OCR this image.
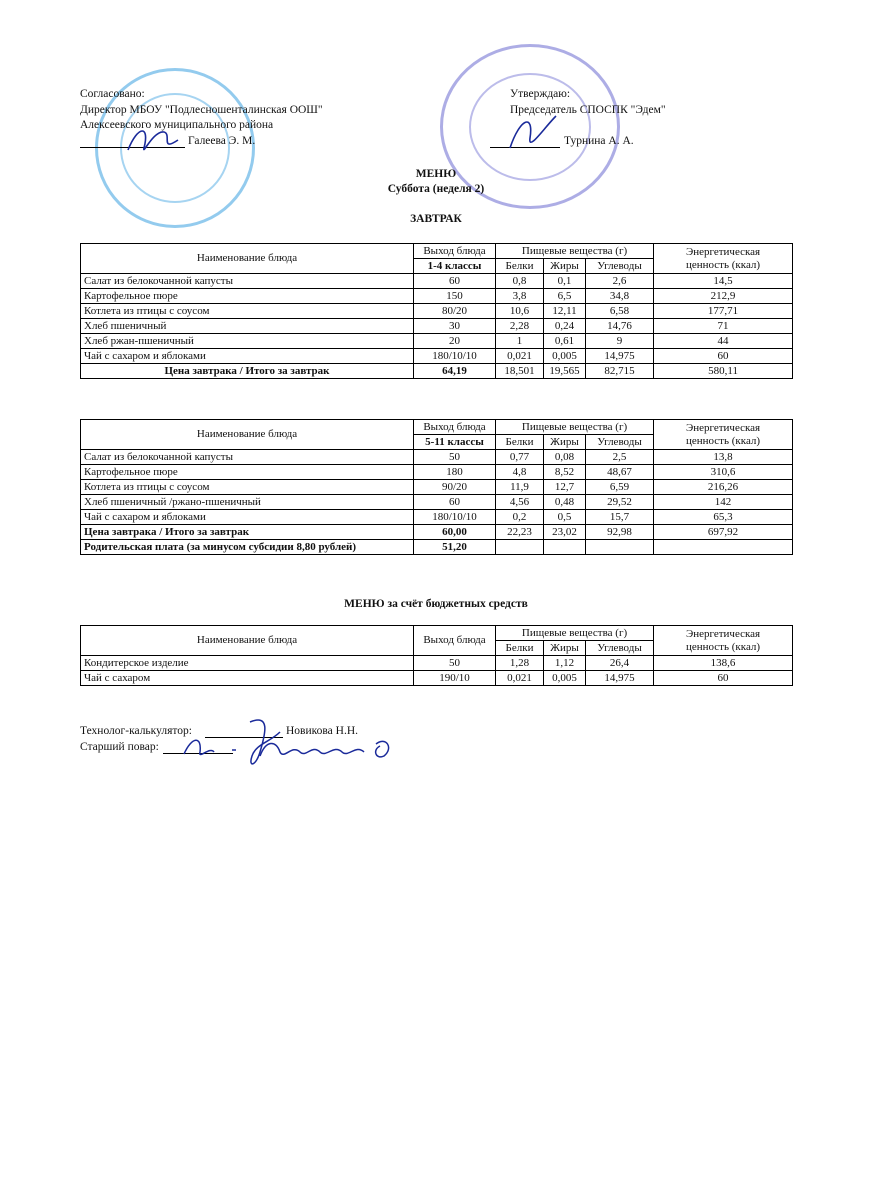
Согласовано:
Директор МБОУ "Подлесношенталинская ООШ"
Алексеевского муниципального района
Галеева Э. М.
Утверждаю:
Председатель СПОСПК "Эдем"
Турнина А. А.
МЕНЮ
Суббота (неделя 2)
ЗАВТРАК
Наименование блюда	Выход блюда	Пищевые вещества (г)			Энергетическая
ценность (ккал)

	1-4 классы	Белки	Жиры	Углеводы	
Салат из белокочанной капусты	60	0,8	0,1	2,6	14,5
Картофельное пюре	150	3,8	6,5	34,8	212,9
Котлета из птицы с соусом	80/20	10,6	12,11	6,58	177,71
Хлеб пшеничный	30	2,28	0,24	14,76	71
Хлеб ржан-пшеничный	20	1	0,61	9	44
Чай с сахаром и яблоками	180/10/10	0,021	0,005	14,975	60
Цена завтрака / Итого за завтрак	64,19	18,501	19,565	82,715	580,11
Наименование блюда	Выход блюда	Пищевые вещества (г)			Энергетическая
ценность (ккал)

	5-11 классы	Белки	Жиры	Углеводы	
Салат из белокочанной капусты	50	0,77	0,08	2,5	13,8
Картофельное пюре	180	4,8	8,52	48,67	310,6
Котлета из птицы с соусом	90/20	11,9	12,7	6,59	216,26
Хлеб пшеничный /ржано-пшеничный	60	4,56	0,48	29,52	142
Чай с сахаром и яблоками	180/10/10	0,2	0,5	15,7	65,3
Цена завтрака / Итого за завтрак	60,00	22,23	23,02	92,98	697,92
Родительская плата (за минусом субсидии 8,80 рублей)	51,20				
МЕНЮ за счёт бюджетных средств
Наименование блюда	Выход блюда	Пищевые вещества (г)			Энергетическая
ценность (ккал)

		Белки	Жиры	Углеводы	
Кондитерское изделие	50	1,28	1,12	26,4	138,6
Чай с сахаром	190/10	0,021	0,005	14,975	60
Технолог-калькулятор:	Новикова Н.Н.
Старший повар:
